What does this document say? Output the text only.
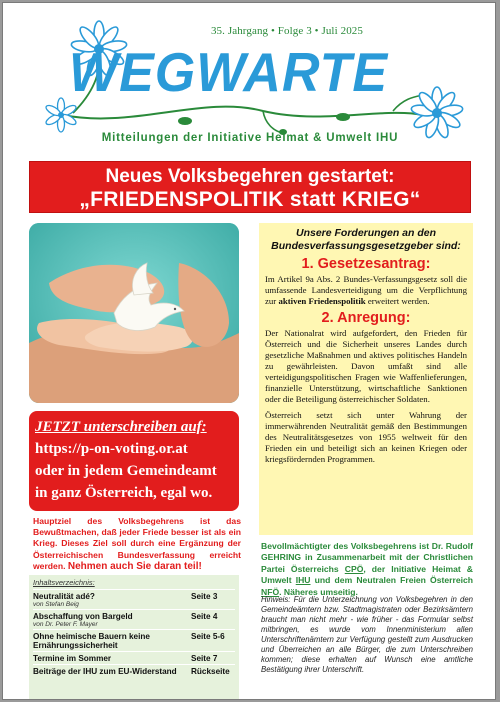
35. Jahrgang • Folge 3 • Juli 2025
WEGWARTE
Mitteilungen der Initiative Heimat & Umwelt IHU
Neues Volksbegehren gestartet:
„FRIEDENSPOLITIK statt KRIEG“
JETZT unterschreiben auf:
https://p-on-voting.or.at
oder in jedem Gemeindeamt
in ganz Österreich, egal wo.
Hauptziel des Volksbegehrens ist das Bewußtmachen, daß jeder Friede besser ist als ein Krieg. Dieses Ziel soll durch eine Ergänzung der Österreichischen Bundesverfassung erreicht werden. Nehmen auch Sie daran teil!
Inhaltsverzeichnis:
Neutralität adé?
von Stefan Beig
Seite 3
Abschaffung von Bargeld
von Dr. Peter F. Mayer
Seite 4
Ohne heimische Bauern keine Ernährungssicherheit
Seite 5-6
Termine im Sommer	Seite 7
Beiträge der IHU zum EU-Widerstand	Rückseite
Unsere Forderungen an den Bundesverfassungsgesetzgeber sind:
1. Gesetzesantrag:

Im Artikel 9a Abs. 2 Bundes-Verfassungsgesetz soll die umfassende Landesverteidigung um die Verpflichtung zur aktiven Friedenspolitik erweitert werden.

2. Anregung:

Der Nationalrat wird aufgefordert, den Frieden für Österreich und die Sicherheit unseres Landes durch gesetzliche Maßnahmen und aktives politisches Handeln zu gewährleisten. Davon umfaßt sind alle verteidigungspolitischen Fragen wie Waffenlieferungen, finanzielle Unterstützung, wirtschaftliche Sanktionen oder die Beteiligung österreichischer Soldaten.

Österreich setzt sich unter Wahrung der immerwährenden Neutralität gemäß den Bestimmungen des Neutralitätsgesetzes von 1955 weltweit für den Frieden ein und beteiligt sich an keinen Kriegen oder kriegsfördernden Programmen.

Bevollmächtigter des Volksbegehrens ist Dr. Rudolf GEHRING in Zusammenarbeit mit der Christlichen Partei Österreichs CPÖ, der Initiative Heimat & Umwelt IHU und dem Neutralen Freien Österreich NFÖ. Näheres umseitig.
Hinweis: Für die Unterzeichnung von Volksbegehren in den Gemeindeämtern bzw. Stadtmagistraten oder Bezirksämtern braucht man nicht mehr - wie früher - das Formular selbst mitbringen, es wurde vom Innenministerium allen Unterschriftenämtern zur Verfügung gestellt zum Ausdrucken und Überreichen an alle Bürger, die zum Unterschreiben kommen; diese erhalten auf Wunsch eine amtliche Bestätigung ihrer Unterschrift.
